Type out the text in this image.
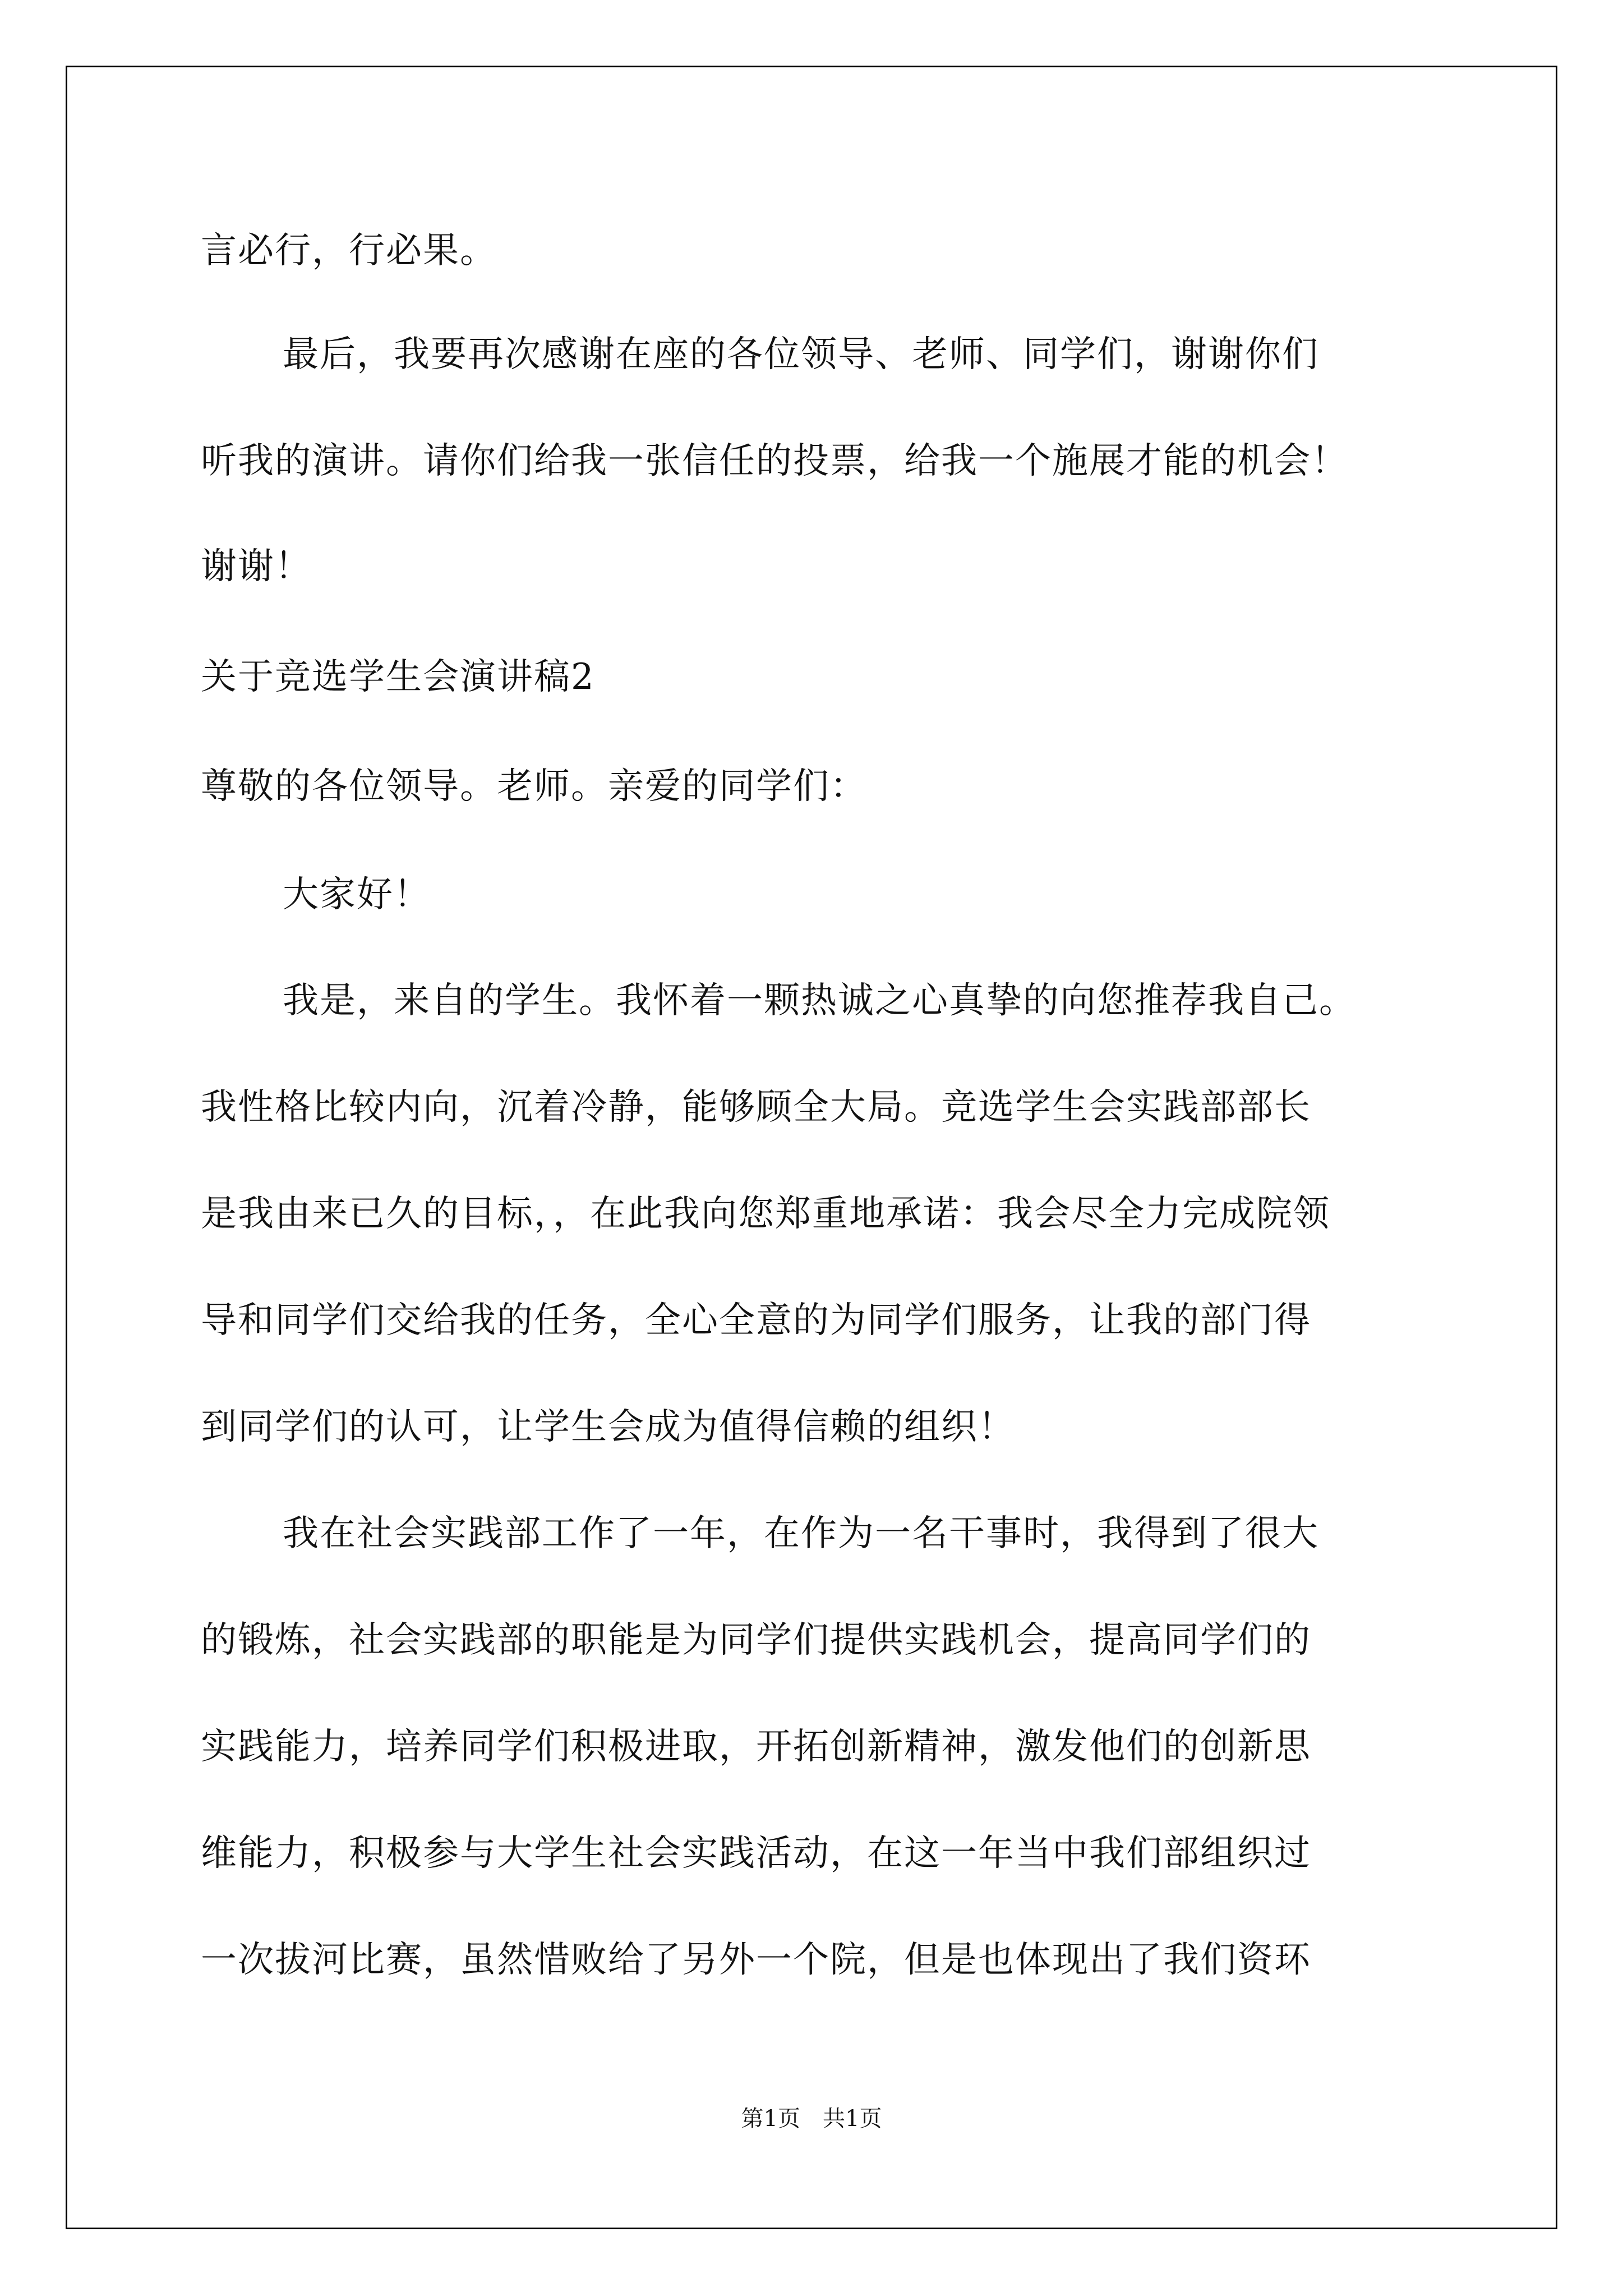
言必行，行必果。

最后，我要再次感谢在座的各位领导、老师、同学们，谢谢你们

听我的演讲。请你们给我一张信任的投票，给我一个施展才能的机会！

谢谢！

关于竞选学生会演讲稿2

尊敬的各位领导。老师。亲爱的同学们：

大家好！

我是，来自的学生。我怀着一颗热诚之心真挚的向您推荐我自己。

我性格比较内向，沉着冷静，能够顾全大局。竞选学生会实践部部长

是我由来已久的目标，，在此我向您郑重地承诺：我会尽全力完成院领

导和同学们交给我的任务，全心全意的为同学们服务，让我的部门得

到同学们的认可，让学生会成为值得信赖的组织！

我在社会实践部工作了一年，在作为一名干事时，我得到了很大

的锻炼，社会实践部的职能是为同学们提供实践机会，提高同学们的

实践能力，培养同学们积极进取，开拓创新精神，激发他们的创新思

维能力，积极参与大学生社会实践活动，在这一年当中我们部组织过

一次拔河比赛，虽然惜败给了另外一个院，但是也体现出了我们资环

第1页　共1页
